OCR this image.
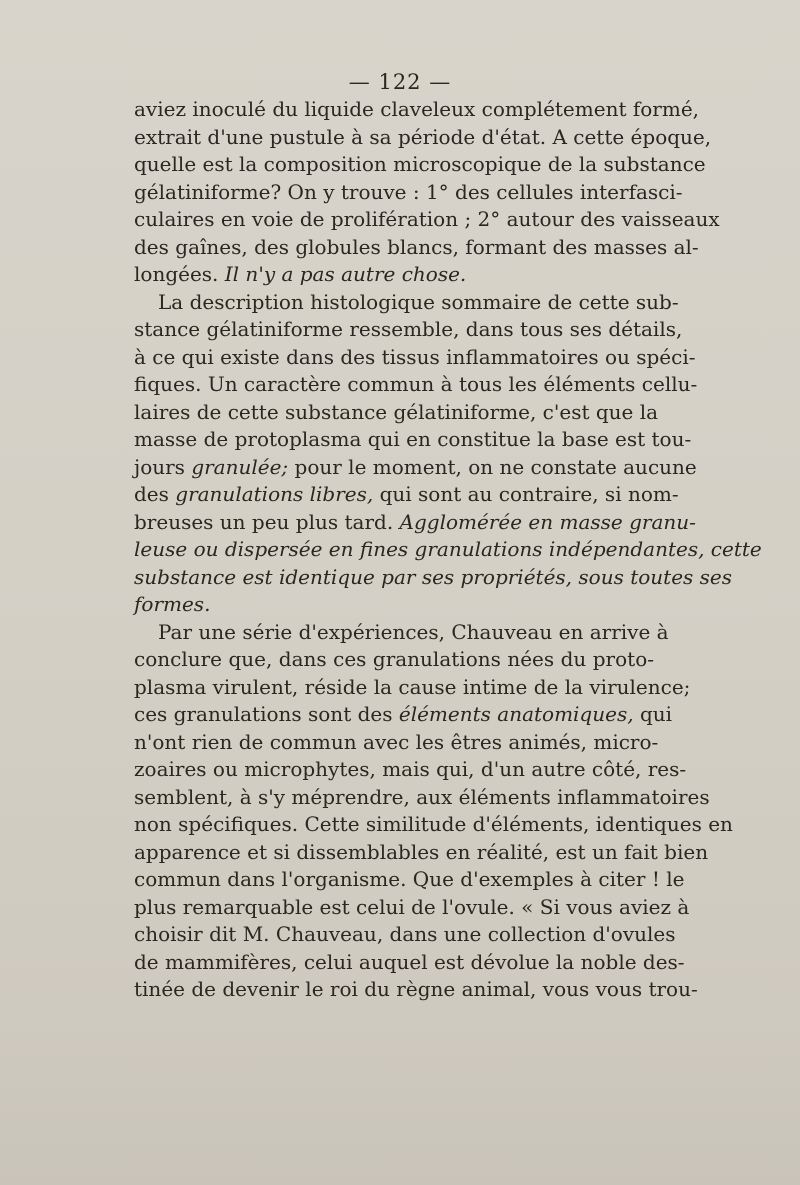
— 122 —
aviez inoculé du liquide claveleux complétement formé,
extrait d'une pustule à sa période d'état. A cette époque,
quelle est la composition microscopique de la substance
gélatiniforme? On y trouve : 1° des cellules interfasci-
culaires en voie de prolifération ; 2° autour des vaisseaux
des gaînes, des globules blancs, formant des masses al-
longées. Il n'y a pas autre chose.
La description histologique sommaire de cette sub-
stance gélatiniforme ressemble, dans tous ses détails,
à ce qui existe dans des tissus inflammatoires ou spéci-
fiques. Un caractère commun à tous les éléments cellu-
laires de cette substance gélatiniforme, c'est que la
masse de protoplasma qui en constitue la base est tou-
jours granulée; pour le moment, on ne constate aucune
des granulations libres, qui sont au contraire, si nom-
breuses un peu plus tard. Agglomérée en masse granu-
leuse ou dispersée en fines granulations indépendantes, cette
substance est identique par ses propriétés, sous toutes ses
formes.
Par une série d'expériences, Chauveau en arrive à
conclure que, dans ces granulations nées du proto-
plasma virulent, réside la cause intime de la virulence;
ces granulations sont des éléments anatomiques, qui
n'ont rien de commun avec les êtres animés, micro-
zoaires ou microphytes, mais qui, d'un autre côté, res-
semblent, à s'y méprendre, aux éléments inflammatoires
non spécifiques. Cette similitude d'éléments, identiques en
apparence et si dissemblables en réalité, est un fait bien
commun dans l'organisme. Que d'exemples à citer ! le
plus remarquable est celui de l'ovule. « Si vous aviez à
choisir dit M. Chauveau, dans une collection d'ovules
de mammifères, celui auquel est dévolue la noble des-
tinée de devenir le roi du règne animal, vous vous trou-
